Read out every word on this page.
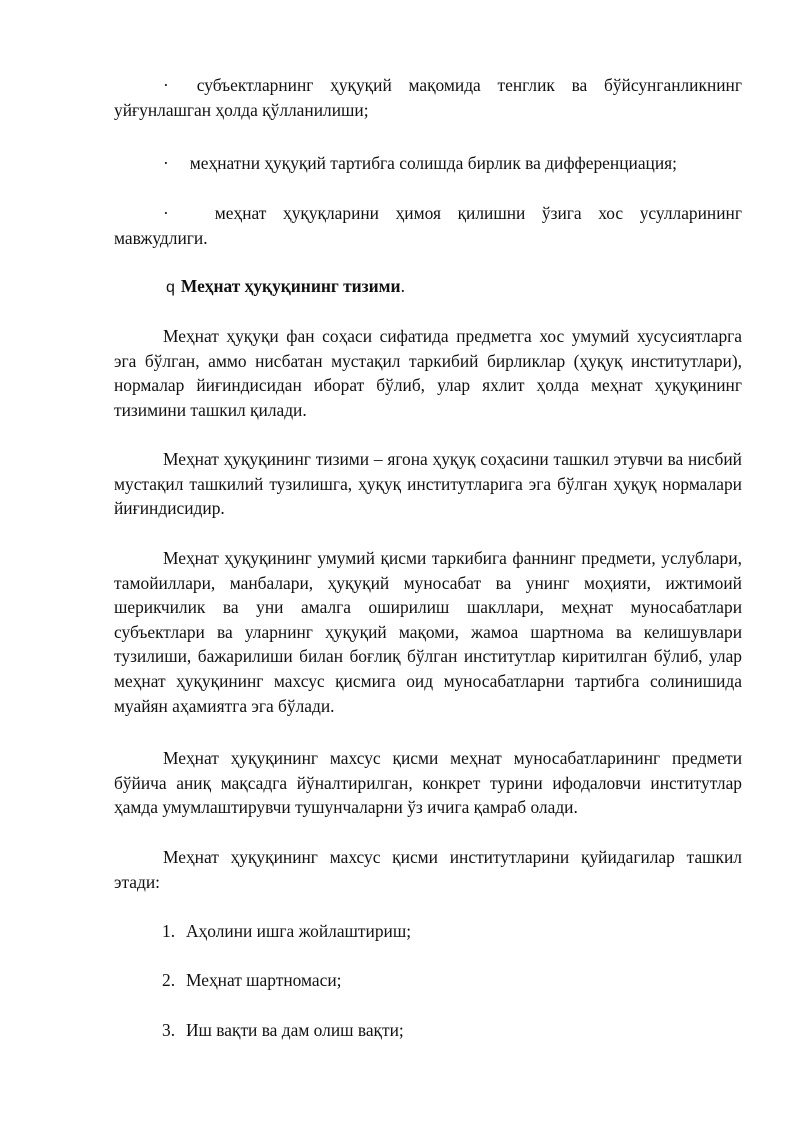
· субъектларнинг ҳуқуқий мақомида тенглик ва бўйсунганликнинг уйғунлашган ҳолда қўлланилиши;

· меҳнатни ҳуқуқий тартибга солишда бирлик ва дифференциация;

·	меҳнат ҳуқуқларини ҳимоя қилишни ўзига хос усулларининг мавжудлиги.

q Меҳнат ҳуқуқининг тизими.

Меҳнат ҳуқуқи фан соҳаси сифатида предметга хос умумий хусусиятларга эга бўлган, аммо нисбатан мустақил таркибий бирликлар (ҳуқуқ институтлари), нормалар йиғиндисидан иборат бўлиб, улар яхлит ҳолда меҳнат ҳуқуқининг тизимини ташкил қилади.

Меҳнат ҳуқуқининг тизими – ягона ҳуқуқ соҳасини ташкил этувчи ва нисбий мустақил ташкилий тузилишга, ҳуқуқ институтларига эга бўлган ҳуқуқ нормалари йиғиндисидир.

Меҳнат ҳуқуқининг умумий қисми таркибига фаннинг предмети, услублари, тамойиллари, манбалари, ҳуқуқий муносабат ва унинг моҳияти, ижтимоий шерикчилик ва уни амалга оширилиш шакллари, меҳнат муносабатлари субъектлари ва уларнинг ҳуқуқий мақоми, жамоа шартнома ва келишувлари тузилиши, бажарилиши билан боғлиқ бўлган институтлар киритилган бўлиб, улар меҳнат ҳуқуқининг махсус қисмига оид муносабатларни тартибга солинишида муайян аҳамиятга эга бўлади.

Меҳнат ҳуқуқининг махсус қисми меҳнат муносабатларининг предмети бўйича аниқ мақсадга йўналтирилган, конкрет турини ифодаловчи институтлар ҳамда умумлаштирувчи тушунчаларни ўз ичига қамраб олади.

Меҳнат ҳуқуқининг махсус қисми институтларини қуйидагилар ташкил этади:

1. Аҳолини ишга жойлаштириш;

2. Меҳнат шартномаси;

3. Иш вақти ва дам олиш вақти;
